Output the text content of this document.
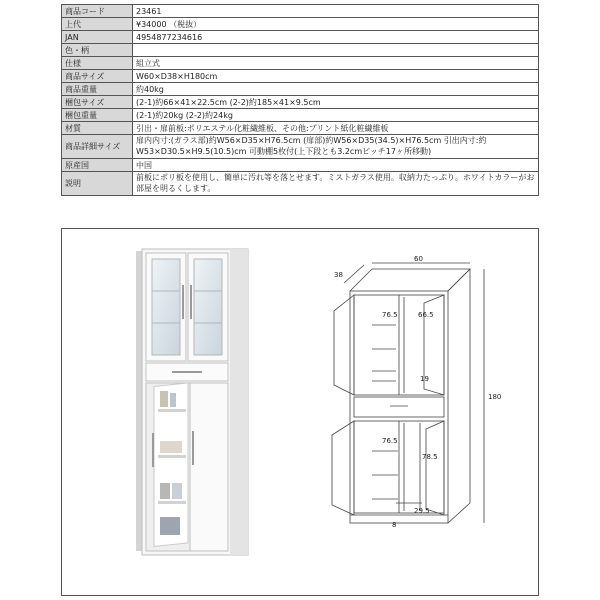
商品コード	23461
上代	¥34000 （税抜）
JAN	4954877234616
色・柄	
仕様	組立式
商品サイズ	W60×D38×H180cm
商品重量	約40kg
梱包サイズ	(2-1)約66×41×22.5cm (2-2)約185×41×9.5cm
梱包重量	(2-1)約20kg (2-2)約24kg
材質	引出・扉前板:ポリエステル化粧繊維板、その他:プリント紙化粧繊維板
商品詳細サイズ	扉内内寸:(ガラス部)約W56×D35×H76.5cm (扉部)約W56×D35(34.5)×H76.5cm 引出内寸:約W53×D30.5×H9.5(10.5)cm 可動棚5枚付(上下段とも3.2cmピッチ17ヶ所移動)
原産国	中国
説明	前板にポリ板を使用し、簡単に汚れ等を落とせます。ミストガラス使用。収納力たっぷり。ホワイトカラーがお部屋を明るくします。
60
38
180
76.5	66.5
19
76.5
78.5
29.5
8
